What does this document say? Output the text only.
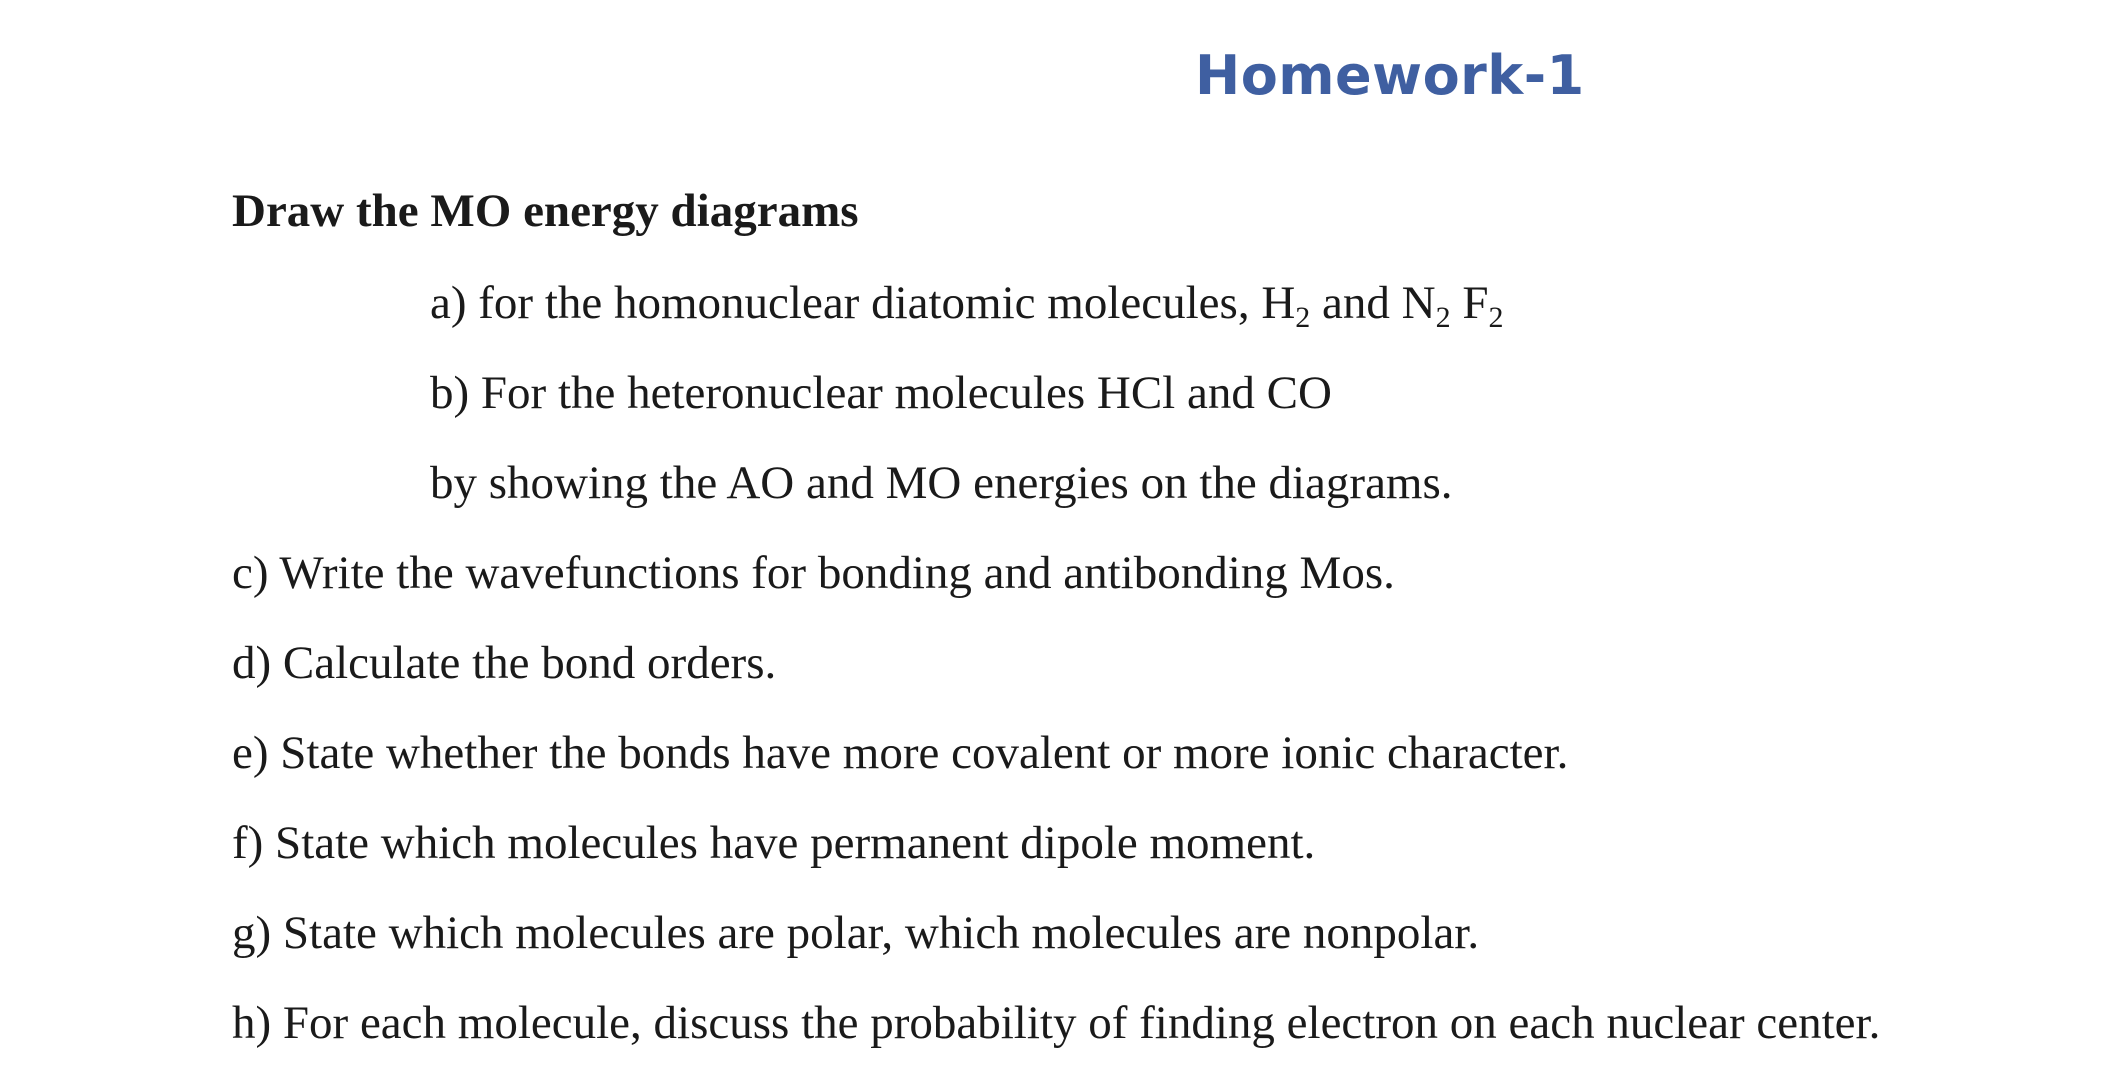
Homework-1
Draw the MO energy diagrams
a) for the homonuclear diatomic molecules, $H_2$ and $N_2$ $F_2$
b) For the heteronuclear molecules HCl and CO
by showing the AO and MO energies on the diagrams.
c) Write the wavefunctions for bonding and antibonding Mos.
d) Calculate the bond orders.
e) State whether the bonds have more covalent or more ionic character.
f) State which molecules have permanent dipole moment.
g) State which molecules are polar, which molecules are nonpolar.
h) For each molecule, discuss the probability of finding electron on each nuclear center.
